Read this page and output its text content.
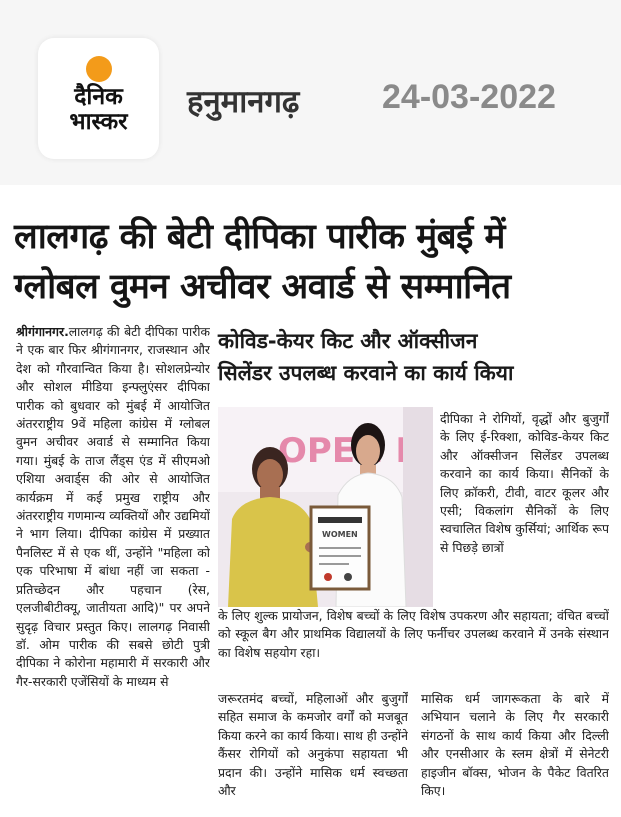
दैनिक
भास्कर
हनुमानगढ़ 24-03-2022
लालगढ़ की बेटी दीपिका पारीक मुंबई में
ग्लोबल वुमन अचीवर अवार्ड से सम्मानित
श्रीगंगानगर.लालगढ़ की बेटी दीपिका पारीक ने एक बार फिर श्रीगंगानगर, राजस्थान और देश को गौरवान्वित किया है। सोशलप्रेन्योर और सोशल मीडिया इन्फ्लुएंसर दीपिका पारीक को बुधवार को मुंबई में आयोजित अंतरराष्ट्रीय 9वें महिला कांग्रेस में ग्लोबल वुमन अचीवर अवार्ड से सम्मानित किया गया। मुंबई के ताज लैंड्स एंड में सीएमओ एशिया अवार्ड्स की ओर से आयोजित कार्यक्रम में कई प्रमुख राष्ट्रीय और अंतरराष्ट्रीय गणमान्य व्यक्तियों और उद्यमियों ने भाग लिया। दीपिका कांग्रेस में प्रख्यात पैनलिस्ट में से एक थीं, उन्होंने "महिला को एक परिभाषा में बांधा नहीं जा सकता - प्रतिच्छेदन और पहचान (रेस, एलजीबीटीक्यू, जातीयता आदि)" पर अपने सुदृढ़ विचार प्रस्तुत किए। लालगढ़ निवासी डॉ. ओम पारीक की सबसे छोटी पुत्री दीपिका ने कोरोना महामारी में सरकारी और गैर-सरकारी एजेंसियों के माध्यम से
कोविड-केयर किट और ऑक्सीजन
सिलेंडर उपलब्ध करवाने का कार्य किया
OPEN
WOMEN
दीपिका ने रोगियों, वृद्धों और बुजुर्गों के लिए ई-रिक्शा, कोविड-केयर किट और ऑक्सीजन सिलेंडर उपलब्ध करवाने का कार्य किया। सैनिकों के लिए क्रॉकरी, टीवी, वाटर कूलर और एसी; विकलांग सैनिकों के लिए स्वचालित विशेष कुर्सियां; आर्थिक रूप से पिछड़े छात्रों
के लिए शुल्क प्रायोजन, विशेष बच्चों के लिए विशेष उपकरण और सहायता; वंचित बच्चों को स्कूल बैग और प्राथमिक विद्यालयों के लिए फर्नीचर उपलब्ध करवाने में उनके संस्थान का विशेष सहयोग रहा।
जरूरतमंद बच्चों, महिलाओं और बुजुर्गों सहित समाज के कमजोर वर्गों को मजबूत किया करने का कार्य किया। साथ ही उन्होंने कैंसर रोगियों को अनुकंपा सहायता भी प्रदान की। उन्होंने मासिक धर्म स्वच्छता और
मासिक धर्म जागरूकता के बारे में अभियान चलाने के लिए गैर सरकारी संगठनों के साथ कार्य किया और दिल्ली और एनसीआर के स्लम क्षेत्रों में सेनेटरी हाइजीन बॉक्स, भोजन के पैकेट वितरित किए।
